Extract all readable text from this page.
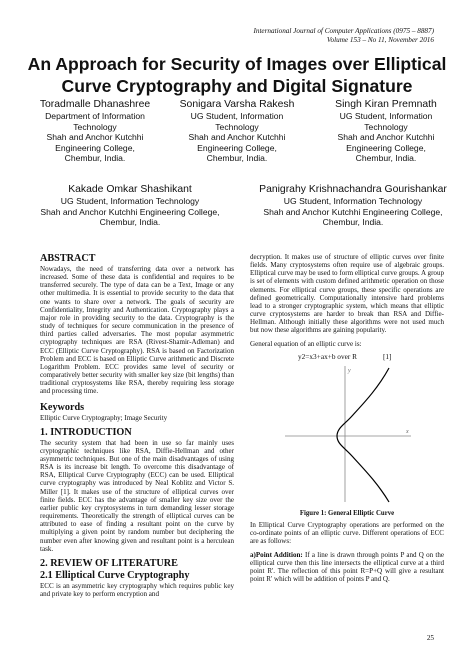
International Journal of Computer Applications (0975 – 8887)
Volume 153 – No 11, November 2016
An Approach for Security of Images over Elliptical Curve Cryptography and Digital Signature
Toradmalle Dhanashree
Department of Information
Technology
Shah and Anchor Kutchhi
Engineering College,
Chembur, India.
Sonigara Varsha Rakesh
UG Student, Information
Technology
Shah and Anchor Kutchhi
Engineering College,
Chembur, India.
Singh Kiran Premnath
UG Student, Information
Technology
Shah and Anchor Kutchhi
Engineering College,
Chembur, India.
Kakade Omkar Shashikant
UG Student, Information Technology
Shah and Anchor Kutchhi Engineering College,
Chembur, India.
Panigrahy Krishnachandra Gourishankar
UG Student, Information Technology
Shah and Anchor Kutchhi Engineering College,
Chembur, India.
ABSTRACT

Nowadays, the need of transferring data over a network has increased. Some of these data is confidential and requires to be transferred securely. The type of data can be a Text, Image or any other multimedia. It is essential to provide security to the data that one wants to share over a network. The goals of security are Confidentiality, Integrity and Authentication. Cryptography plays a major role in providing security to the data. Cryptography is the study of techniques for secure communication in the presence of third parties called adversaries. The most popular asymmetric cryptography techniques are RSA (Rivest-Shamir-Adleman) and ECC (Elliptic Curve Cryptography). RSA is based on Factorization Problem and ECC is based on Elliptic Curve arithmetic and Discrete Logarithm Problem. ECC provides same level of security or comparatively better security with smaller key size (bit lengths) than traditional cryptosystems like RSA, thereby requiring less storage and processing time.

Keywords

Elliptic Curve Cryptography; Image Security

1. INTRODUCTION

The security system that had been in use so far mainly uses cryptographic techniques like RSA, Diffie-Hellman and other asymmetric techniques. But one of the main disadvantages of using RSA is its increase bit length. To overcome this disadvantage of RSA, Elliptical Curve Cryptography (ECC) can be used. Elliptical curve cryptography was introduced by Neal Koblitz and Victor S. Miller [1]. It makes use of the structure of elliptical curves over finite fields. ECC has the advantage of smaller key size over the earlier public key cryptosystems in turn demanding lesser storage requirements. Theoretically the strength of elliptical curves can be attributed to ease of finding a resultant point on the curve by multiplying a given point by random number but deciphering the number even after knowing given and resultant point is a herculean task.

2. REVIEW OF LITERATURE
2.1 Elliptical Curve Cryptography

ECC is an asymmetric key cryptography which requires public key and private key to perform encryption and

decryption. It makes use of structure of elliptic curves over finite fields. Many cryptosystems often require use of algebraic groups. Elliptical curve may be used to form elliptical curve groups. A group is set of elements with custom defined arithmetic operation on those elements. For elliptical curve groups, these specific operations are defined geometrically. Computationally intensive hard problems lead to a stronger cryptographic system, which means that elliptic curve cryptosystems are harder to break than RSA and Diffie-Hellman. Although initially these algorithms were not used much but now these algorithms are gaining popularity.

General equation of an elliptic curve is:

y2=x3+ax+b over R	[1]
x
y
Figure 1: General Elliptic Curve

In Elliptical Curve Cryptography operations are performed on the co-ordinate points of an elliptic curve. Different operations of ECC are as follows:

a)Point Addition: If a line is drawn through points P and Q on the elliptical curve then this line intersects the elliptical curve at a third point R'. The reflection of this point R=P+Q will give a resultant point R' which will be addition of points P and Q.

25
